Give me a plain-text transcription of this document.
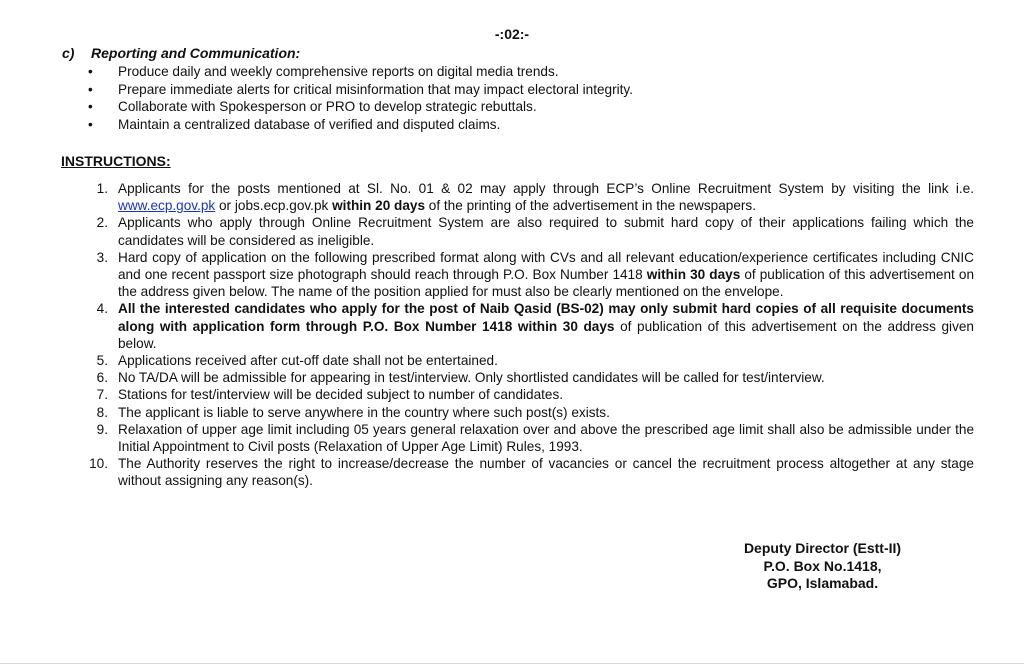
-:02:-
c) Reporting and Communication:
• Produce daily and weekly comprehensive reports on digital media trends.
• Prepare immediate alerts for critical misinformation that may impact electoral integrity.
• Collaborate with Spokesperson or PRO to develop strategic rebuttals.
• Maintain a centralized database of verified and disputed claims.
INSTRUCTIONS:
1. Applicants for the posts mentioned at Sl. No. 01 & 02 may apply through ECP’s Online Recruitment System by visiting the link i.e. www.ecp.gov.pk or jobs.ecp.gov.pk within 20 days of the printing of the advertisement in the newspapers.
2. Applicants who apply through Online Recruitment System are also required to submit hard copy of their applications failing which the candidates will be considered as ineligible.
3. Hard copy of application on the following prescribed format along with CVs and all relevant education/experience certificates including CNIC and one recent passport size photograph should reach through P.O. Box Number 1418 within 30 days of publication of this advertisement on the address given below. The name of the position applied for must also be clearly mentioned on the envelope.
4. All the interested candidates who apply for the post of Naib Qasid (BS-02) may only submit hard copies of all requisite documents along with application form through P.O. Box Number 1418 within 30 days of publication of this advertisement on the address given below.
5. Applications received after cut-off date shall not be entertained.
6. No TA/DA will be admissible for appearing in test/interview. Only shortlisted candidates will be called for test/interview.
7. Stations for test/interview will be decided subject to number of candidates.
8. The applicant is liable to serve anywhere in the country where such post(s) exists.
9. Relaxation of upper age limit including 05 years general relaxation over and above the prescribed age limit shall also be admissible under the Initial Appointment to Civil posts (Relaxation of Upper Age Limit) Rules, 1993.
10. The Authority reserves the right to increase/decrease the number of vacancies or cancel the recruitment process altogether at any stage without assigning any reason(s).
Deputy Director (Estt-II)
P.O. Box No.1418,
GPO, Islamabad.
